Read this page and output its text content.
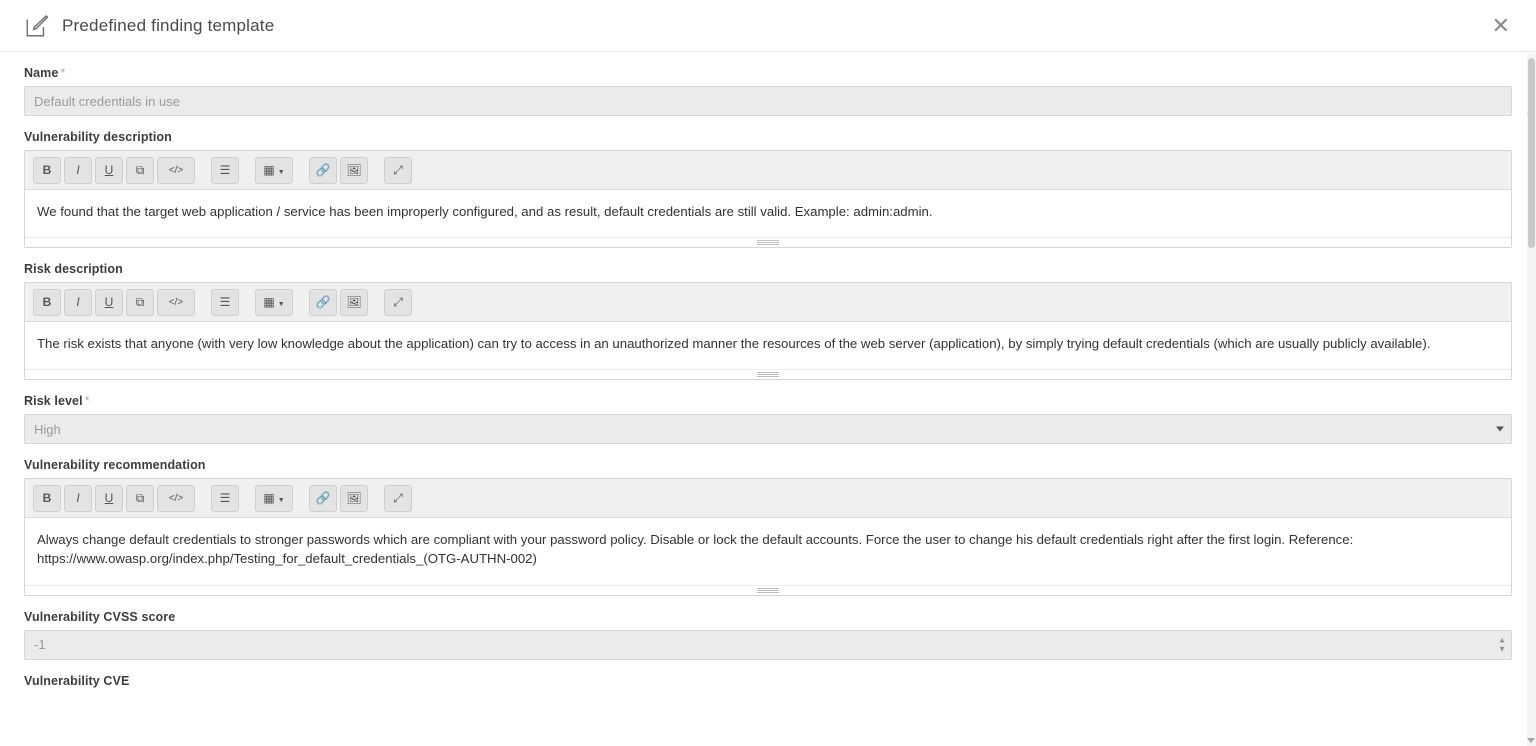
Predefined finding template	✕
Name *
Default credentials in use
Vulnerability description
B	I	U	⧉	</>	☰	▦ ▼	🔗	🖼	⤢
We found that the target web application / service has been improperly configured, and as result, default credentials are still valid. Example: admin:admin.
Risk description
B	I	U	⧉	</>	☰	▦ ▼	🔗	🖼	⤢
The risk exists that anyone (with very low knowledge about the application) can try to access in an unauthorized manner the resources of the web server (application), by simply trying default credentials (which are usually publicly available).
Risk level *
High
Vulnerability recommendation
B	I	U	⧉	</>	☰	▦ ▼	🔗	🖼	⤢
Always change default credentials to stronger passwords which are compliant with your password policy. Disable or lock the default accounts. Force the user to change his default credentials right after the first login. Reference: https://www.owasp.org/index.php/Testing_for_default_credentials_(OTG-AUTHN-002)
Vulnerability CVSS score
-1	▲
▼
Vulnerability CVE
